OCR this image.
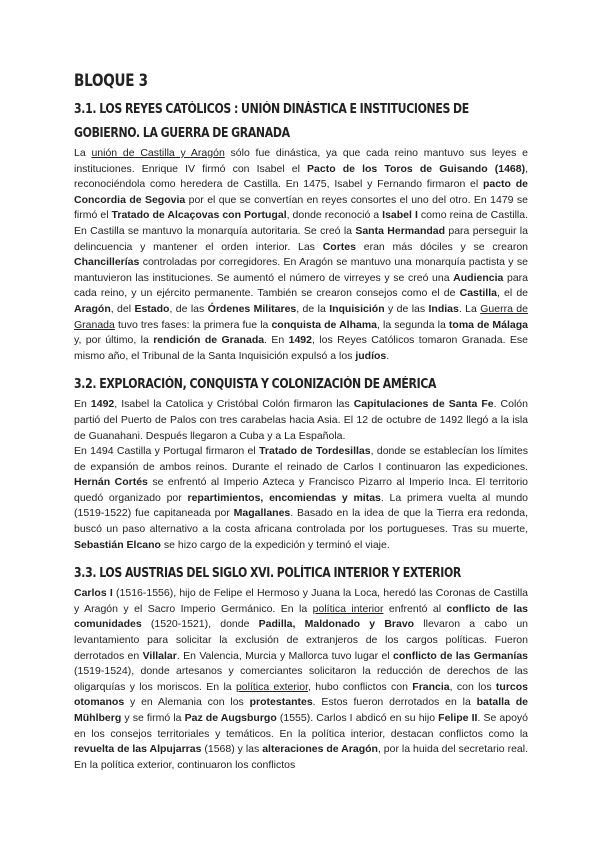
BLOQUE 3
3.1. LOS REYES CATÓLICOS : UNIÓN DINÁSTICA E INSTITUCIONES DE GOBIERNO. LA GUERRA DE GRANADA

La unión de Castilla y Aragón sólo fue dinástica, ya que cada reino mantuvo sus leyes e instituciones. Enrique IV firmó con Isabel el Pacto de los Toros de Guisando (1468), reconociéndola como heredera de Castilla. En 1475, Isabel y Fernando firmaron el pacto de Concordia de Segovia por el que se convertían en reyes consortes el uno del otro. En 1479 se firmó el Tratado de Alcaçovas con Portugal, donde reconoció a Isabel I como reina de Castilla. En Castilla se mantuvo la monarquía autoritaria. Se creó la Santa Hermandad para perseguir la delincuencia y mantener el orden interior. Las Cortes eran más dóciles y se crearon Chancillerías controladas por corregidores. En Aragón se mantuvo una monarquía pactista y se mantuvieron las instituciones. Se aumentó el número de virreyes y se creó una Audiencia para cada reino, y un ejército permanente. También se crearon consejos como el de Castilla, el de Aragón, del Estado, de las Órdenes Militares, de la Inquisición y de las Indias. La Guerra de Granada tuvo tres fases: la primera fue la conquista de Alhama, la segunda la toma de Málaga y, por último, la rendición de Granada. En 1492, los Reyes Católicos tomaron Granada. Ese mismo año, el Tribunal de la Santa Inquisición expulsó a los judíos.

3.2. EXPLORACIÓN, CONQUISTA Y COLONIZACIÓN DE AMÉRICA

En 1492, Isabel la Catolica y Cristóbal Colón firmaron las Capitulaciones de Santa Fe. Colón partió del Puerto de Palos con tres carabelas hacia Asia. El 12 de octubre de 1492 llegó a la isla de Guanahani. Después llegaron a Cuba y a La Española.

En 1494 Castilla y Portugal firmaron el Tratado de Tordesillas, donde se establecían los límites de expansión de ambos reinos. Durante el reinado de Carlos I continuaron las expediciones. Hernán Cortés se enfrentó al Imperio Azteca y Francisco Pizarro al Imperio Inca. El territorio quedó organizado por repartimientos, encomiendas y mitas. La primera vuelta al mundo (1519-1522) fue capitaneada por Magallanes. Basado en la idea de que la Tierra era redonda, buscó un paso alternativo a la costa africana controlada por los portugueses. Tras su muerte, Sebastián Elcano se hizo cargo de la expedición y terminó el viaje.

3.3. LOS AUSTRIAS DEL SIGLO XVI. POLÍTICA INTERIOR Y EXTERIOR

Carlos I (1516-1556), hijo de Felipe el Hermoso y Juana la Loca, heredó las Coronas de Castilla y Aragón y el Sacro Imperio Germánico. En la política interior enfrentó al conflicto de las comunidades (1520-1521), donde Padilla, Maldonado y Bravo llevaron a cabo un levantamiento para solicitar la exclusión de extranjeros de los cargos políticas. Fueron derrotados en Villalar. En Valencia, Murcia y Mallorca tuvo lugar el conflicto de las Germanías (1519-1524), donde artesanos y comerciantes solicitaron la reducción de derechos de las oligarquías y los moriscos. En la política exterior, hubo conflictos con Francia, con los turcos otomanos y en Alemania con los protestantes. Estos fueron derrotados en la batalla de Mühlberg y se firmó la Paz de Augsburgo (1555). Carlos I abdicó en su hijo Felipe II. Se apoyó en los consejos territoriales y temáticos. En la política interior, destacan conflictos como la revuelta de las Alpujarras (1568) y las alteraciones de Aragón, por la huida del secretario real. En la política exterior, continuaron los conflictos
